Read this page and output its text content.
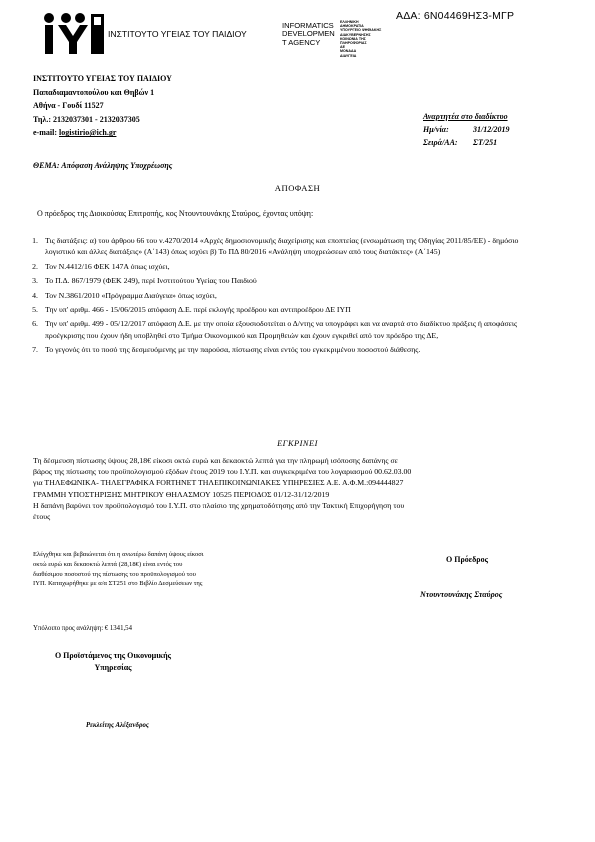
ΑΔΑ: 6Ν04469ΗΣ3-ΜΓΡ
ΙΝΣΤΙΤΟΥΤΟ ΥΓΕΙΑΣ ΤΟΥ ΠΑΙΔΙΟΥ
INFORMATICS
DEVELOPMEN
T AGENCY
ΕΛΛΗΝΙΚΗ
ΔΗΜΟΚΡΑΤΙΑ
ΥΠΟΥΡΓΕΙΟ ΨΗΦΙΑΚΗΣ
ΔΙΑΚΥΒΕΡΝΗΣΗΣ
ΚΟΙΝΩΝΙΑ ΤΗΣ
ΠΛΗΡΟΦΟΡΙΑΣ
ΑΕ
ΜΟΝΑΔΑ
ΔΙΑΥΓΕΙΑ
ΙΝΣΤΙΤΟΥΤΟ ΥΓΕΙΑΣ ΤΟΥ ΠΑΙΔΙΟΥ
Παπαδιαμαντοπούλου και Θηβών 1
Αθήνα - Γουδί 11527
Τηλ.: 2132037301 - 2132037305
e-mail: logistirio@ich.gr
Αναρτητέα στο διαδίκτυο
Ημ/νία:	31/12/2019
Σειρά/ΑΑ: ΣΤ/251
ΘΕΜΑ: Απόφαση Ανάληψης Υποχρέωσης
ΑΠΟΦΑΣΗ
Ο πρόεδρος της Διοικούσας Επιτροπής, κος Ντουντουνάκης Σταύρος, έχοντας υπόψη:
1. Τις διατάξεις: α) του άρθρου 66 του ν.4270/2014 «Αρχές δημοσιονομικής διαχείρισης και εποπτείας (ενσωμάτωση της Οδηγίας 2011/85/ΕΕ) - δημόσιο λογιστικό και άλλες διατάξεις» (Α΄143) όπως ισχύει β) Το ΠΔ 80/2016 «Ανάληψη υποχρεώσεων από τους διατάκτες» (Α΄145)
2. Τον Ν.4412/16 ΦΕΚ 147Α όπως ισχύει,
3. Το Π.Δ. 867/1979 (ΦΕΚ 249), περί Ινστιτούτου Υγείας του Παιδιού
4. Τον Ν.3861/2010 «Πρόγραμμα Διαύγεια» όπως ισχύει,
5. Την υπ' αριθμ. 466 - 15/06/2015 απόφαση Δ.Ε. περί εκλογής προέδρου και αντιπροέδρου ΔΕ ΙΥΠ
6. Την υπ' αριθμ. 499 - 05/12/2017 απόφαση Δ.Ε. με την οποία εξουσιοδοτείται ο Δ/ντης να υπογράφει και να αναρτά στο διαδίκτυο πράξεις ή αποφάσεις προέγκρισης που έχουν ήδη υποβληθεί στο Τμήμα Οικονομικού και Προμηθειών και έχουν εγκριθεί από τον πρόεδρο της ΔΕ,
7. Το γεγονός ότι το ποσό της δεσμευόμενης με την παρούσα, πίστωσης είναι εντός του εγκεκριμένου ποσοστού διάθεσης.
ΕΓΚΡΙΝΕΙ
Τη δέσμευση πίστωσης ύψους 28,18€ είκοσι οκτώ ευρώ και δεκαοκτώ λεπτά για την πληρωμή ισόποσης δαπάνης σε
βάρος της πίστωσης του προϋπολογισμού εξόδων έτους 2019 του Ι.Υ.Π. και συγκεκριμένα του λογαριασμού 00.62.03.00
για ΤΗΛΕΦΩΝΙΚΑ- ΤΗΛΕΓΡΑΦΙΚΑ FORTHNET ΤΗΛΕΠΙΚΟΙΝΩΝΙΑΚΕΣ ΥΠΗΡΕΣΙΕΣ Α.Ε. Α.Φ.Μ.:094444827
ΓΡΑΜΜΗ ΥΠΟΣΤΗΡΙΞΗΣ ΜΗΤΡΙΚΟΥ ΘΗΛΑΣΜΟΥ 10525 ΠΕΡΙΟΔΟΣ 01/12-31/12/2019
Η δαπάνη βαρύνει τον προϋπολογισμό του Ι.Υ.Π. στο πλαίσιο της χρηματοδότησης από την Τακτική Επιχορήγηση του
έτους
Ελέγχθηκε και βεβαιώνεται ότι η ανωτέρω δαπάνη ύψους είκοσι οκτώ ευρώ και δεκαοκτώ λεπτά (28,18€) είναι εντός του διαθέσιμου ποσοστού της πίστωσης του προϋπολογισμού του ΙΥΠ. Καταχωρήθηκε με α/α ΣΤ251 στο Βιβλίο Δεσμεύσεων της
Υπόλοιπο προς ανάληψη: € 1341,54
Ο Πρόεδρος
Ντουντουνάκης Σταύρος
Ο Προϊστάμενος της Οικονομικής
Υπηρεσίας
Ρεκλείτης Αλέξανδρος
